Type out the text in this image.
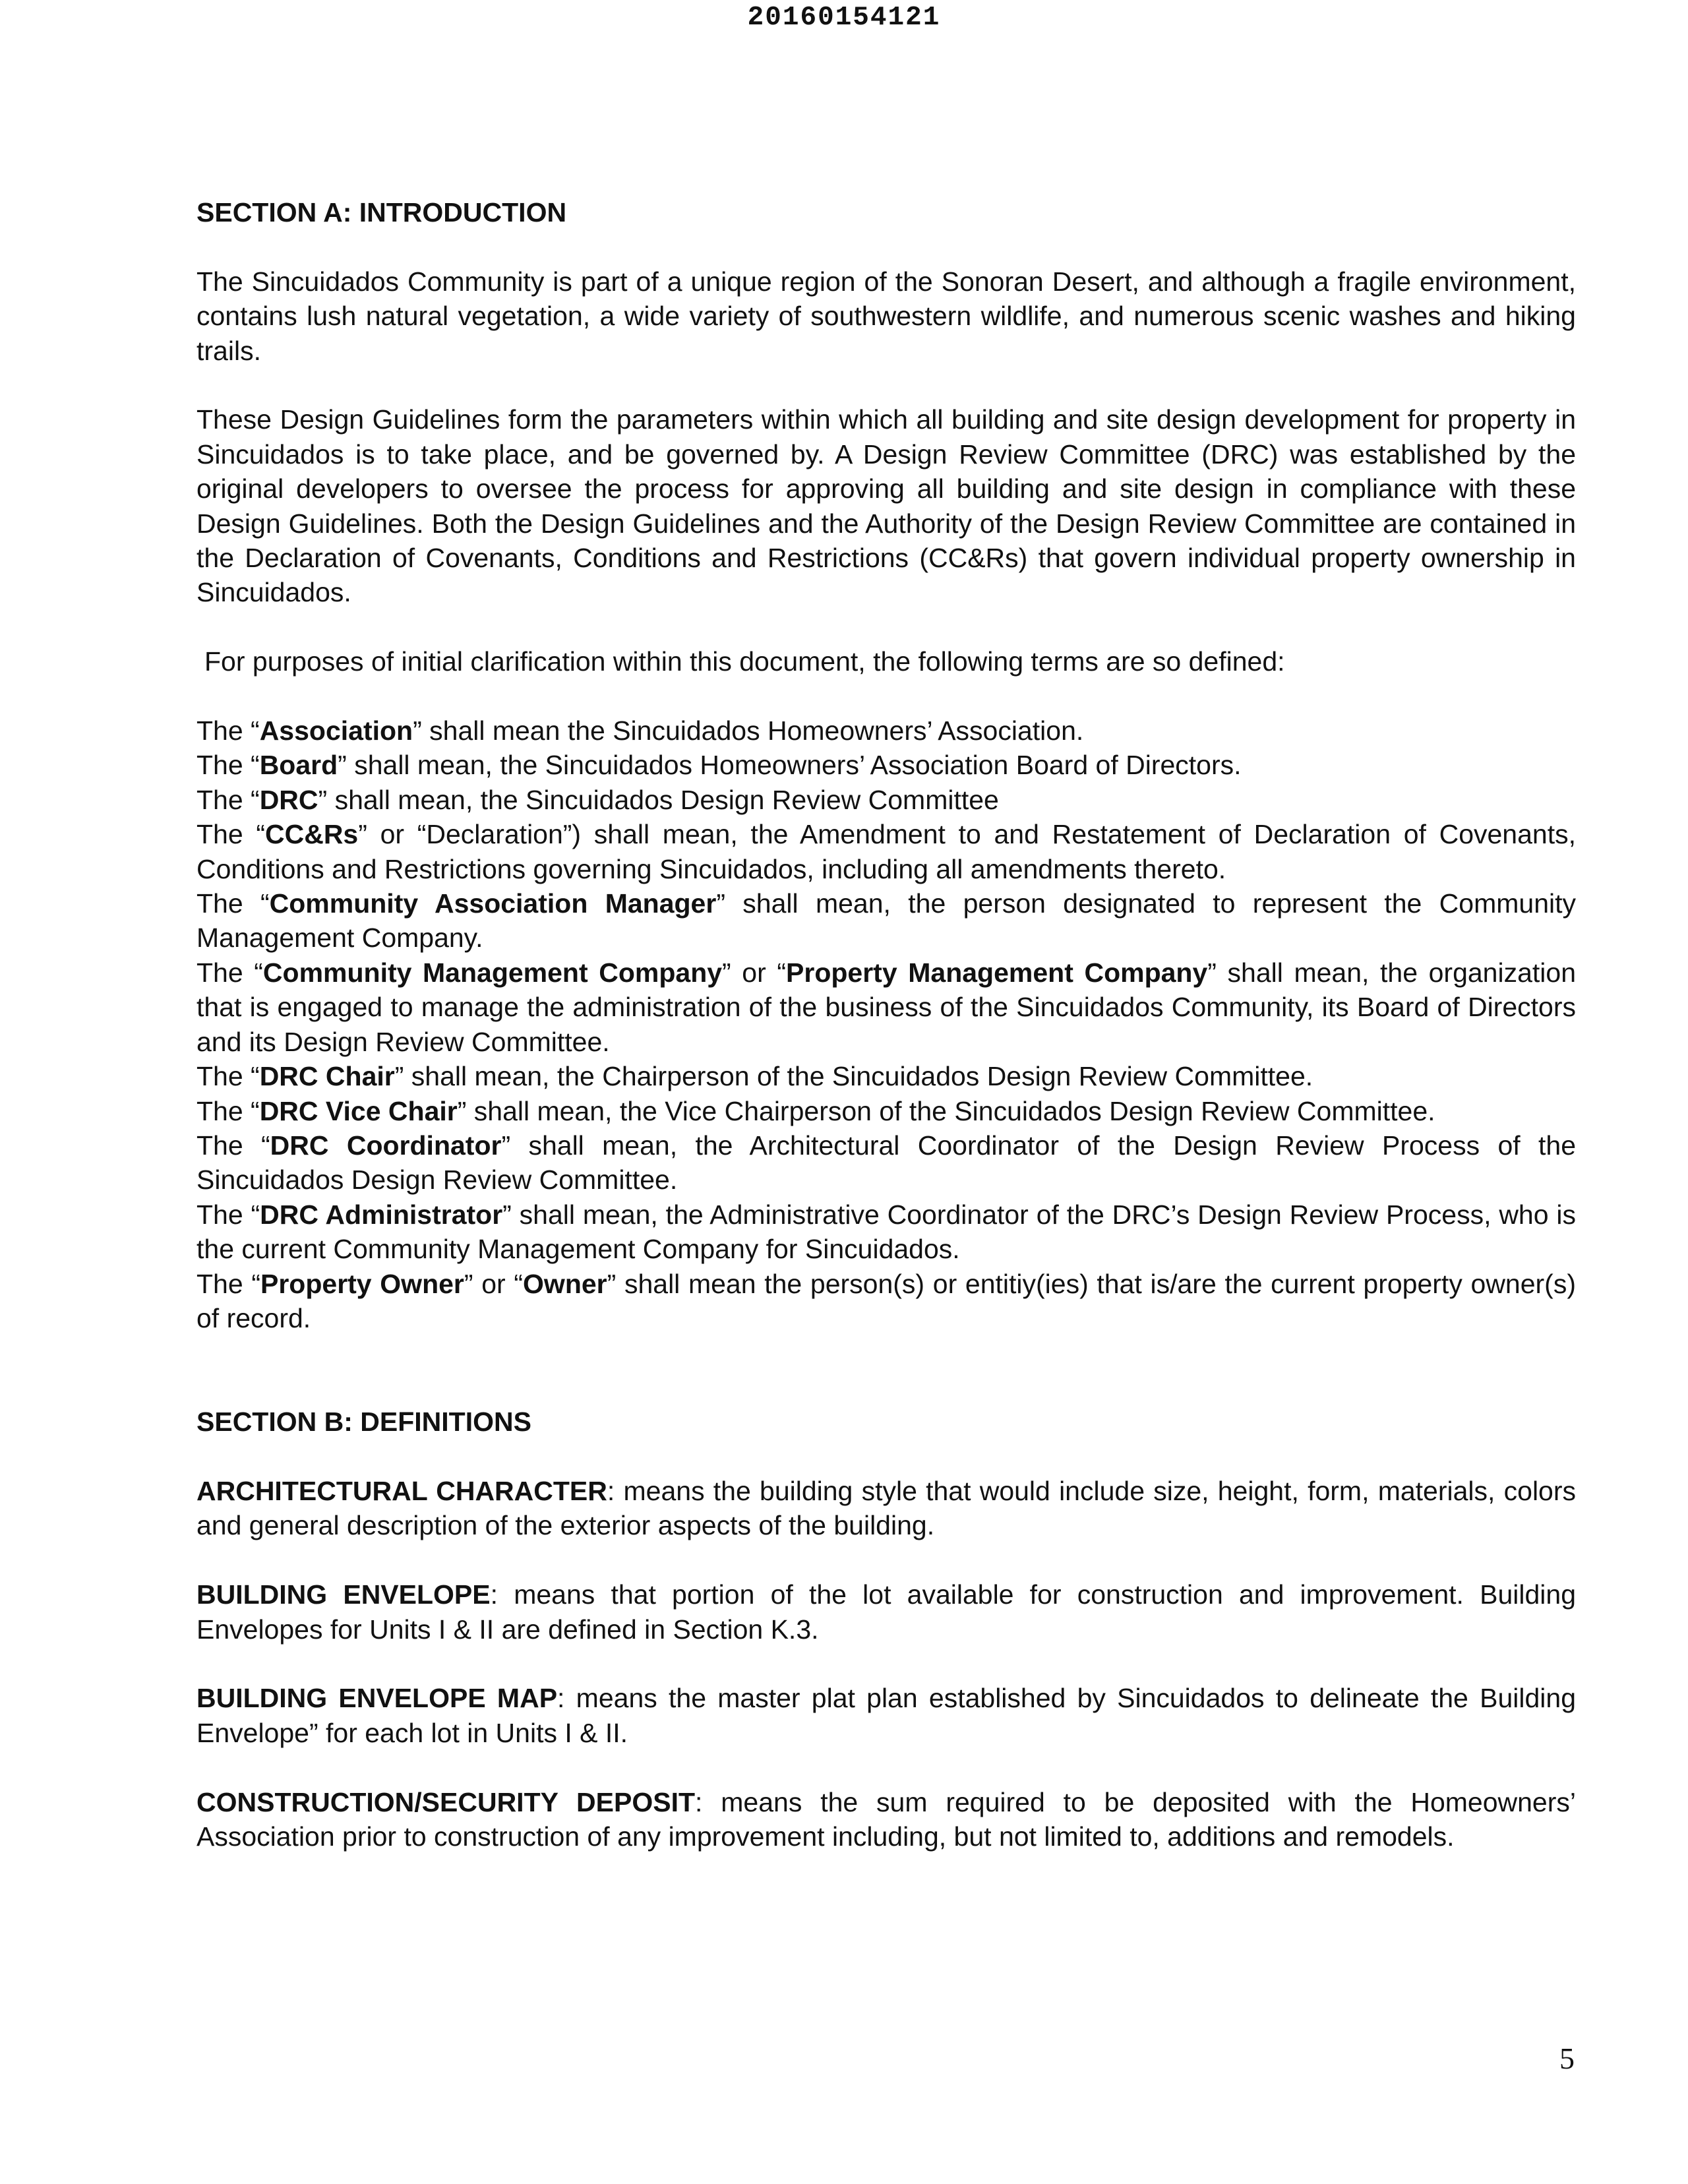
20160154121

SECTION A: INTRODUCTION

The Sincuidados Community is part of a unique region of the Sonoran Desert, and although a fragile environment, contains lush natural vegetation, a wide variety of southwestern wildlife, and numerous scenic washes and hiking trails.

These Design Guidelines form the parameters within which all building and site design development for property in Sincuidados is to take place, and be governed by. A Design Review Committee (DRC) was established by the original developers to oversee the process for approving all building and site design in compliance with these Design Guidelines. Both the Design Guidelines and the Authority of the Design Review Committee are contained in the Declaration of Covenants, Conditions and Restrictions (CC&Rs) that govern individual property ownership in Sincuidados.

For purposes of initial clarification within this document, the following terms are so defined:

The “Association” shall mean the Sincuidados Homeowners’ Association.

The “Board” shall mean, the Sincuidados Homeowners’ Association Board of Directors.

The “DRC” shall mean, the Sincuidados Design Review Committee

The “CC&Rs” or “Declaration”) shall mean, the Amendment to and Restatement of Declaration of Covenants, Conditions and Restrictions governing Sincuidados, including all amendments thereto.

The “Community Association Manager” shall mean, the person designated to represent the Community Management Company.

The “Community Management Company” or “Property Management Company” shall mean, the organization that is engaged to manage the administration of the business of the Sincuidados Community, its Board of Directors and its Design Review Committee.

The “DRC Chair” shall mean, the Chairperson of the Sincuidados Design Review Committee.

The “DRC Vice Chair” shall mean, the Vice Chairperson of the Sincuidados Design Review Committee.

The “DRC Coordinator” shall mean, the Architectural Coordinator of the Design Review Process of the Sincuidados Design Review Committee.

The “DRC Administrator” shall mean, the Administrative Coordinator of the DRC’s Design Review Process, who is the current Community Management Company for Sincuidados.

The “Property Owner” or “Owner” shall mean the person(s) or entitiy(ies) that is/are the current property owner(s) of record.

SECTION B: DEFINITIONS

ARCHITECTURAL CHARACTER: means the building style that would include size, height, form, materials, colors and general description of the exterior aspects of the building.

BUILDING ENVELOPE: means that portion of the lot available for construction and improvement. Building Envelopes for Units I & II are defined in Section K.3.

BUILDING ENVELOPE MAP: means the master plat plan established by Sincuidados to delineate the Building Envelope” for each lot in Units I & II.

CONSTRUCTION/SECURITY DEPOSIT: means the sum required to be deposited with the Homeowners’ Association prior to construction of any improvement including, but not limited to, additions and remodels.

5
